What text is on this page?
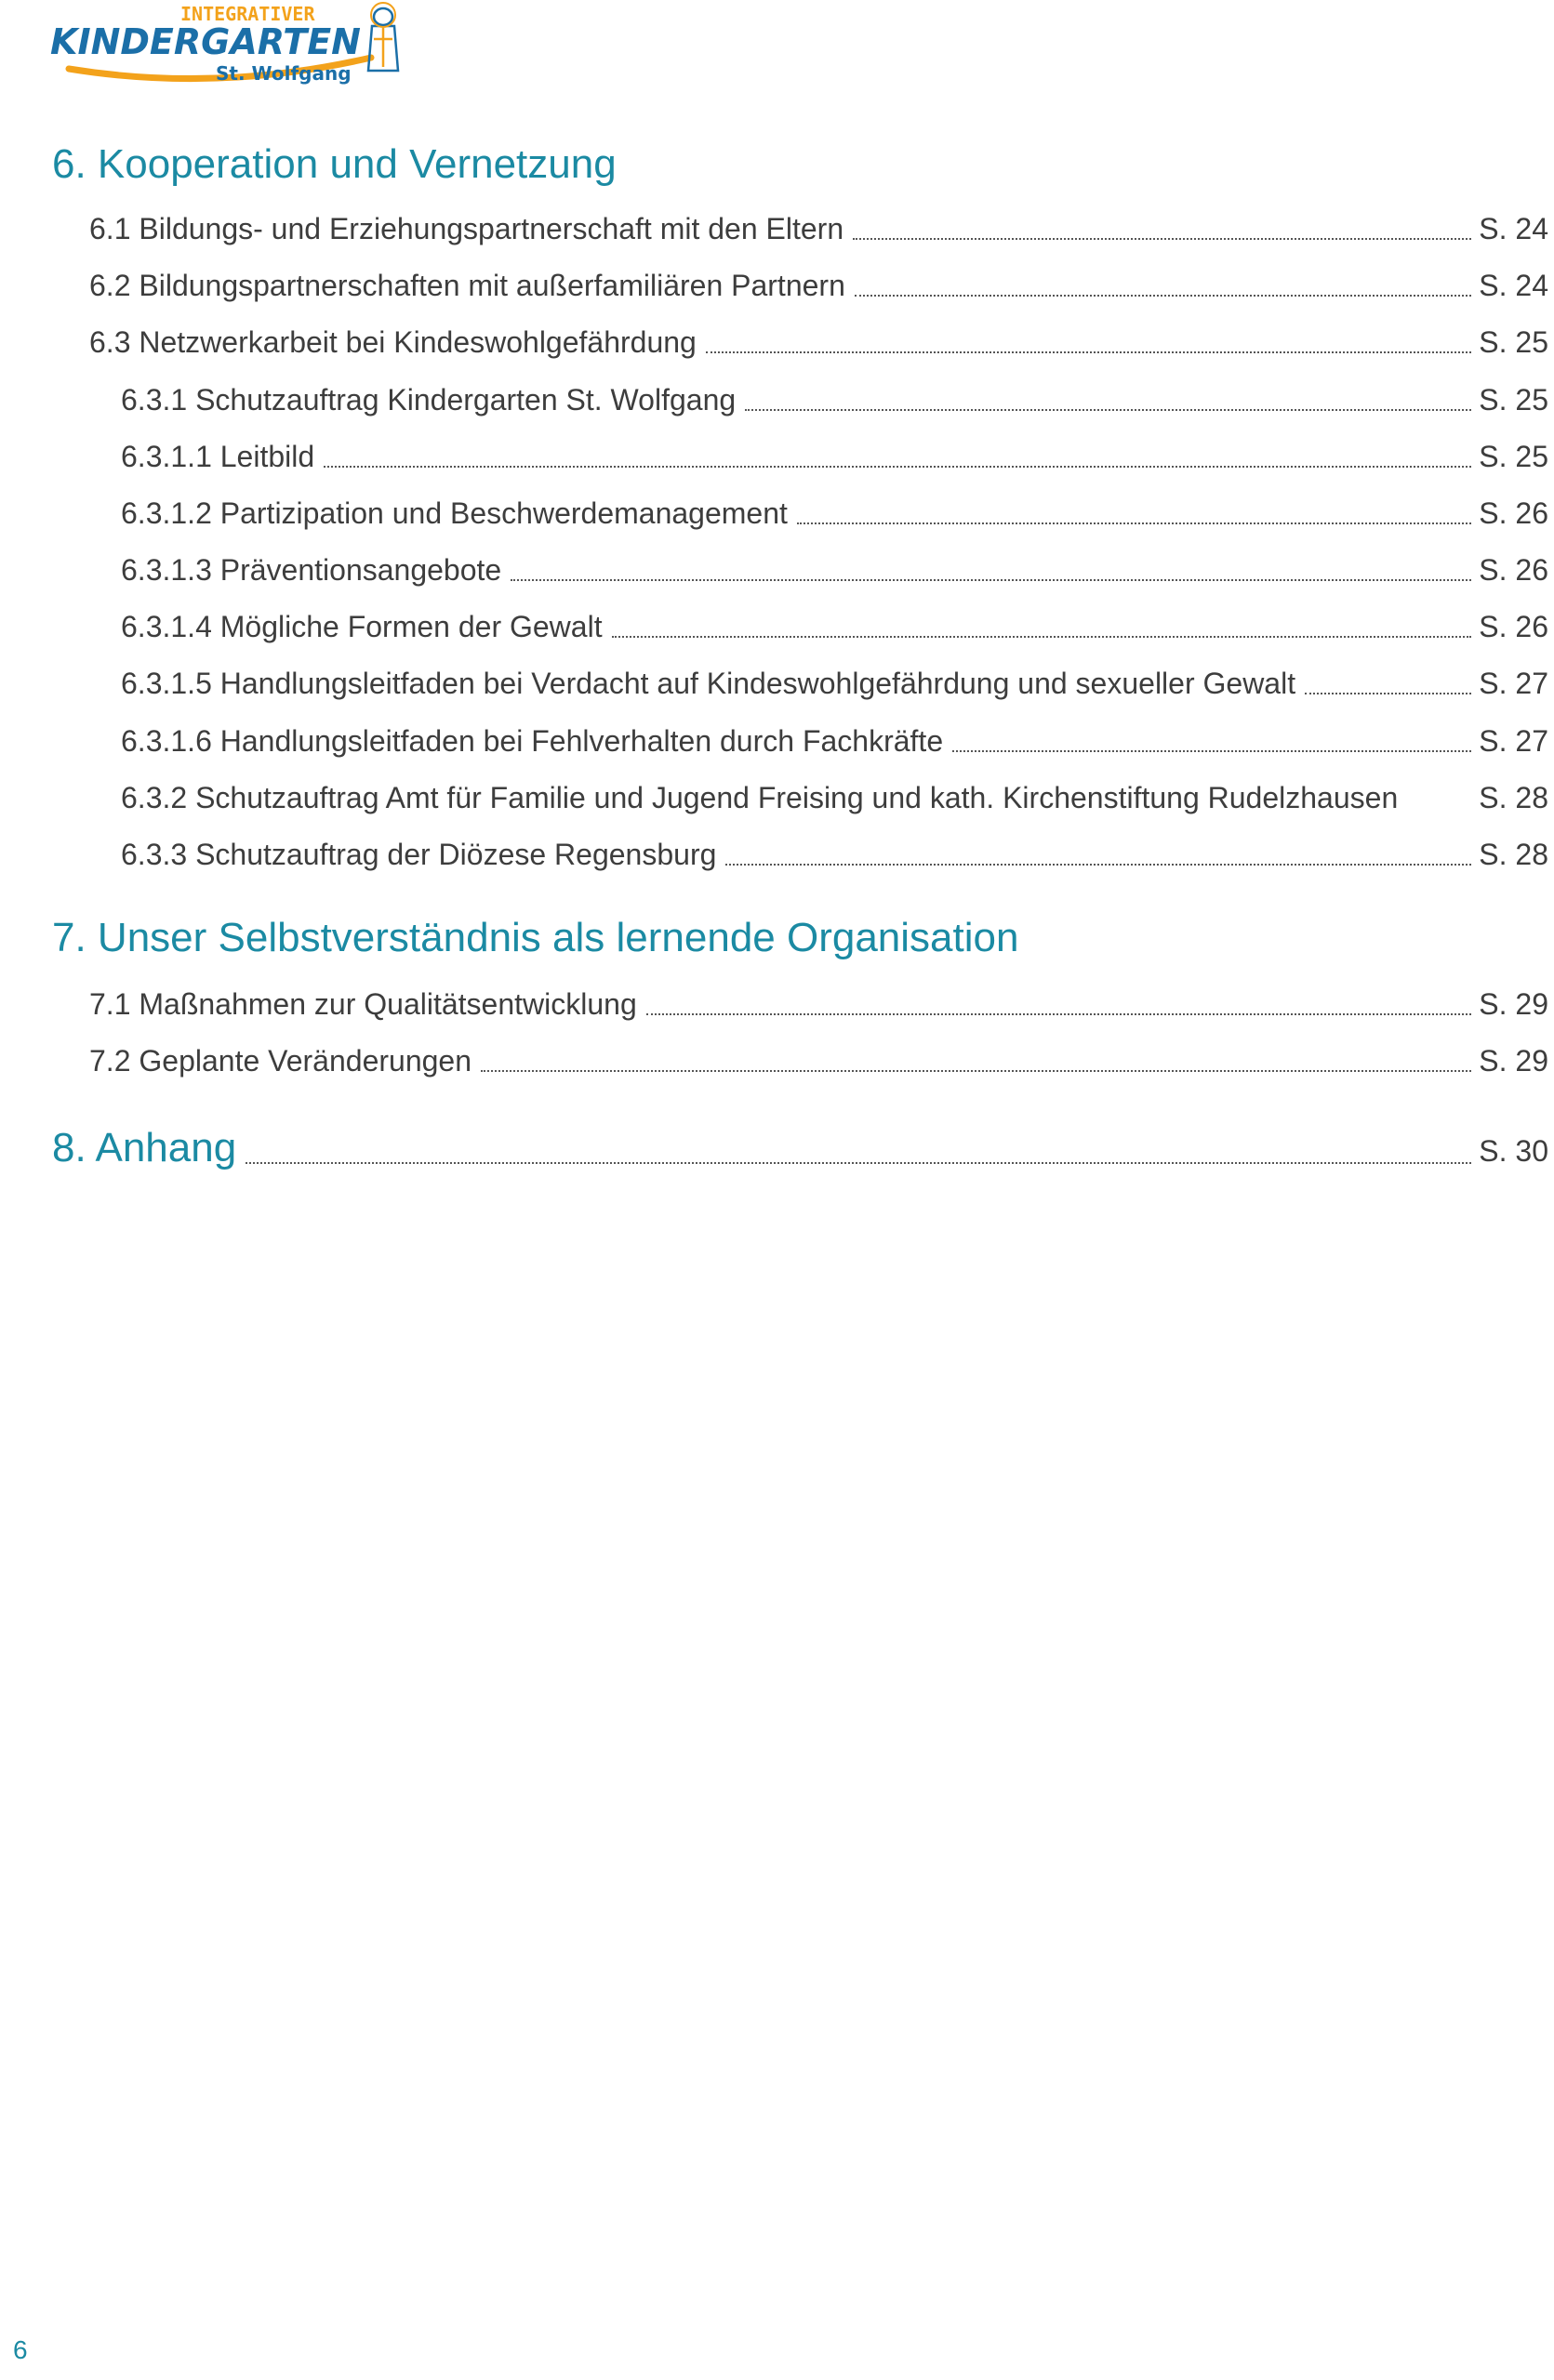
INTEGRATIVER
KINDERGARTEN
St. Wolfgang
6. Kooperation und Vernetzung
6.1 Bildungs- und Erziehungspartnerschaft mit den Eltern	S. 24
6.2 Bildungspartnerschaften mit außerfamiliären Partnern	S. 24
6.3 Netzwerkarbeit bei Kindeswohlgefährdung	S. 25
6.3.1 Schutzauftrag Kindergarten St. Wolfgang	S. 25
6.3.1.1 Leitbild	S. 25
6.3.1.2 Partizipation und Beschwerdemanagement	S. 26
6.3.1.3 Präventionsangebote	S. 26
6.3.1.4 Mögliche Formen der Gewalt	S. 26
6.3.1.5 Handlungsleitfaden bei Verdacht auf Kindeswohlgefährdung und sexueller Gewalt	S. 27
6.3.1.6 Handlungsleitfaden bei Fehlverhalten durch Fachkräfte	S. 27
6.3.2 Schutzauftrag Amt für Familie und Jugend Freising und kath. Kirchenstiftung Rudelzhausen	S. 28
6.3.3 Schutzauftrag der Diözese Regensburg	S. 28
7. Unser Selbstverständnis als lernende Organisation
7.1 Maßnahmen zur Qualitätsentwicklung	S. 29
7.2 Geplante Veränderungen	S. 29
8. Anhang	S. 30
6
